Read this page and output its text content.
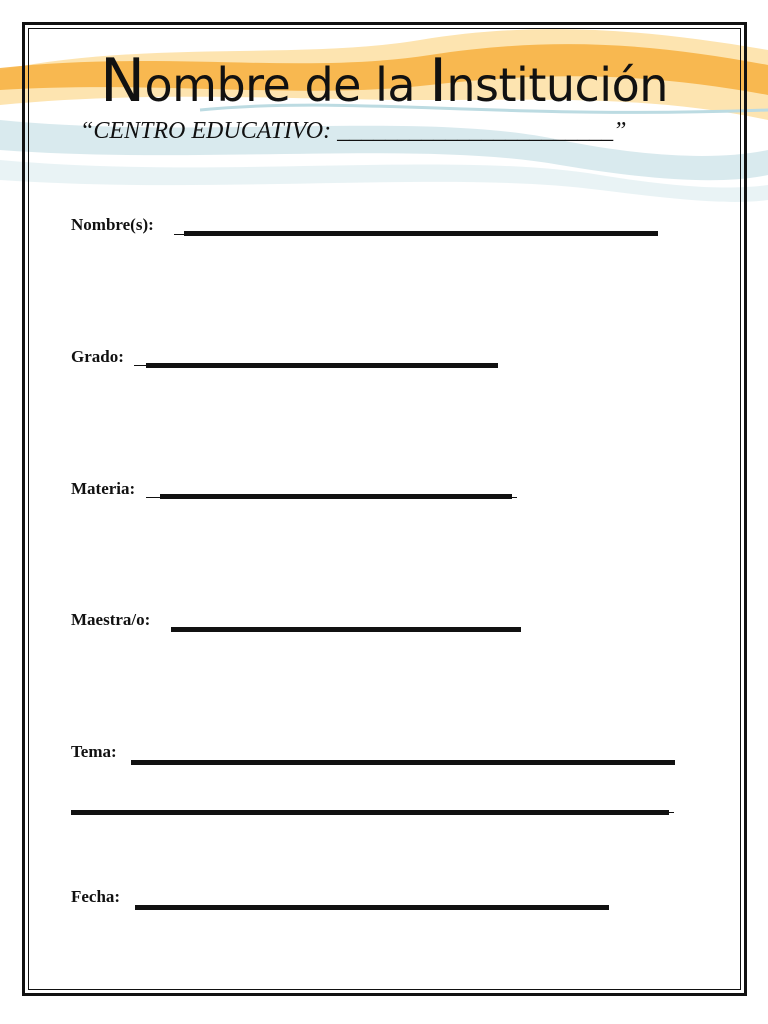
Nombre de la Institución
“CENTRO EDUCATIVO: _______________________”
Nombre(s):
Grado:
Materia:
Maestra/o:
Tema:
Fecha:
